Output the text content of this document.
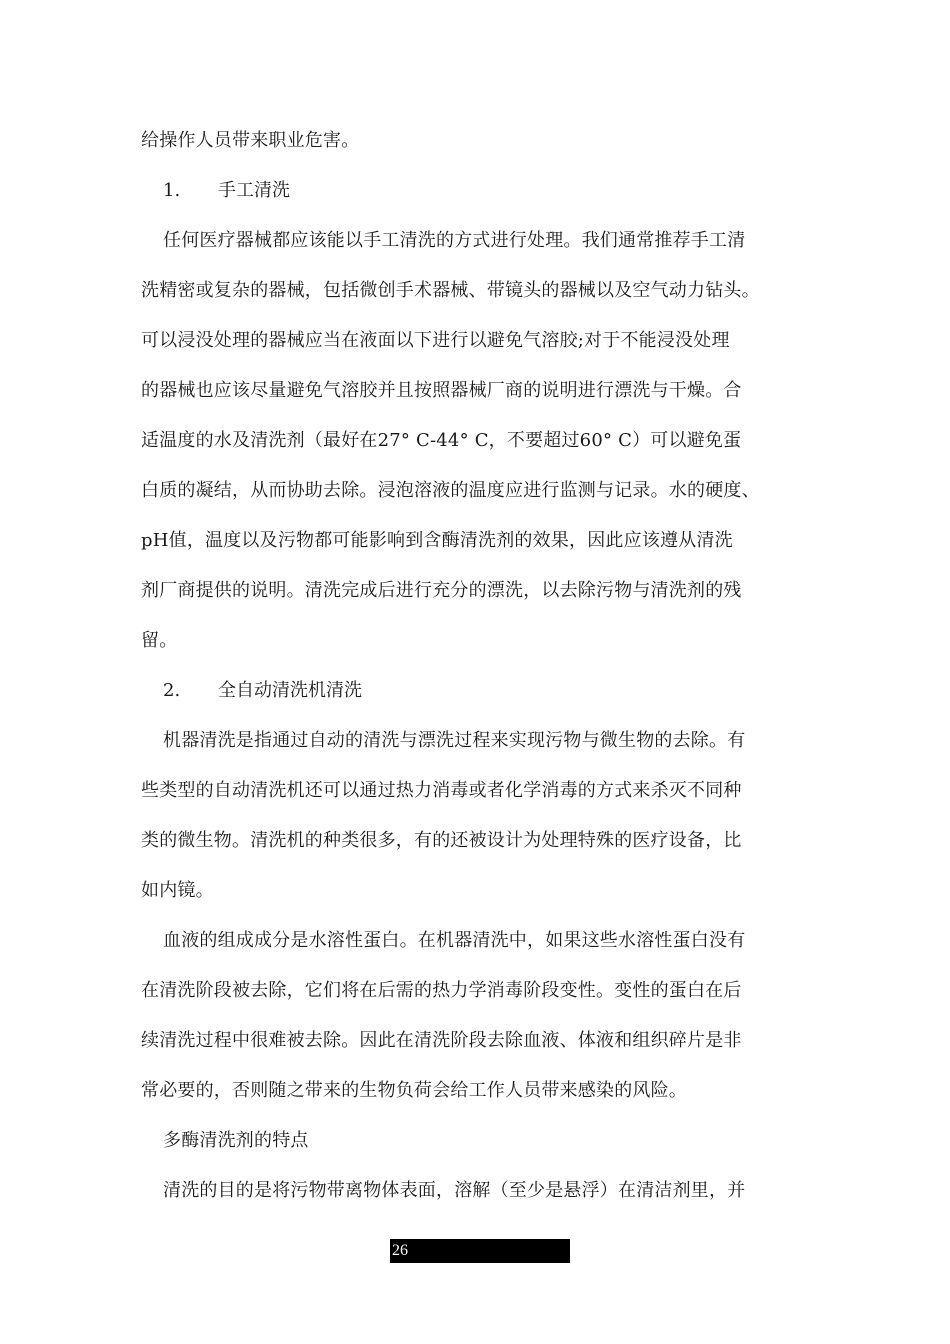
给操作人员带来职业危害。
1. 手工清洗
任何医疗器械都应该能以手工清洗的方式进行处理。我们通常推荐手工清
洗精密或复杂的器械，包括微创手术器械、带镜头的器械以及空气动力钻头。
可以浸没处理的器械应当在液面以下进行以避免气溶胶;对于不能浸没处理
的器械也应该尽量避免气溶胶并且按照器械厂商的说明进行漂洗与干燥。合
适温度的水及清洗剂（最好在27° C-44° C，不要超过60° C）可以避免蛋
白质的凝结，从而协助去除。浸泡溶液的温度应进行监测与记录。水的硬度、
pH值，温度以及污物都可能影响到含酶清洗剂的效果，因此应该遵从清洗
剂厂商提供的说明。清洗完成后进行充分的漂洗，以去除污物与清洗剂的残
留。
2. 全自动清洗机清洗
机器清洗是指通过自动的清洗与漂洗过程来实现污物与微生物的去除。有
些类型的自动清洗机还可以通过热力消毒或者化学消毒的方式来杀灭不同种
类的微生物。清洗机的种类很多，有的还被设计为处理特殊的医疗设备，比
如内镜。
血液的组成成分是水溶性蛋白。在机器清洗中，如果这些水溶性蛋白没有
在清洗阶段被去除，它们将在后需的热力学消毒阶段变性。变性的蛋白在后
续清洗过程中很难被去除。因此在清洗阶段去除血液、体液和组织碎片是非
常必要的，否则随之带来的生物负荷会给工作人员带来感染的风险。
多酶清洗剂的特点
清洗的目的是将污物带离物体表面，溶解（至少是悬浮）在清洁剂里，并
26
